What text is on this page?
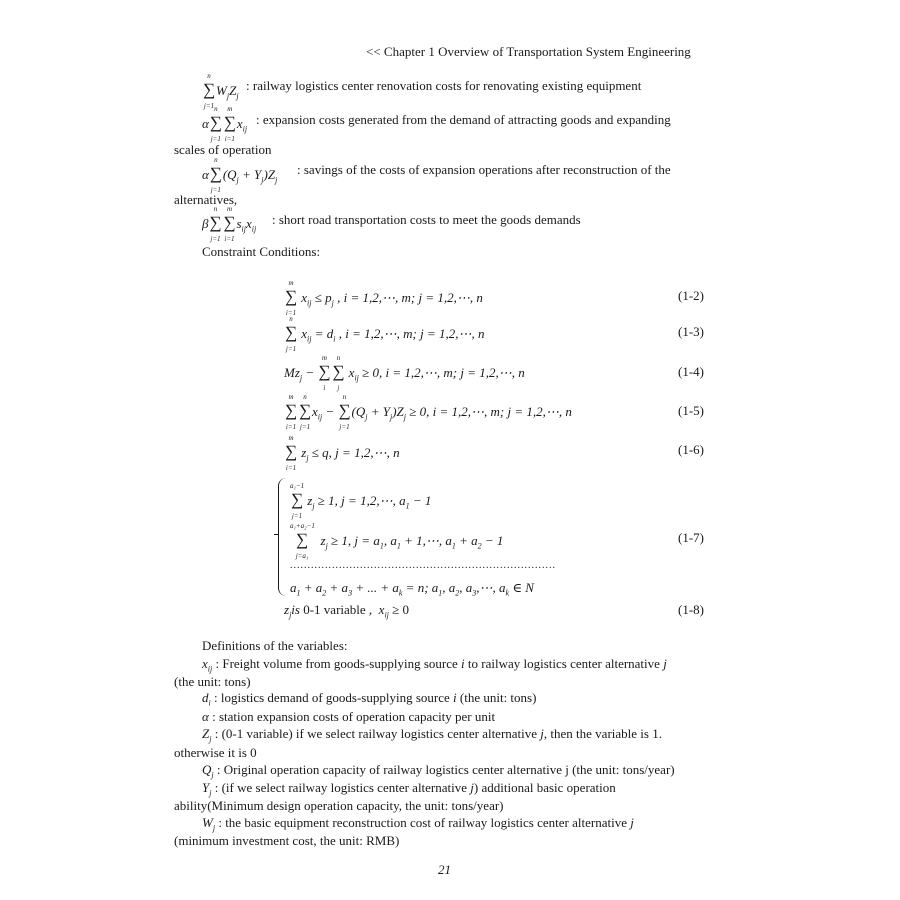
<< Chapter 1 Overview of Transportation System Engineering
∑
n
j=1
$W_jZ_j$
: railway logistics center renovation costs for renovating existing equipment
α∑
n
j=1
∑
m
i=1
$x_{ij}$
: expansion costs generated from the demand of attracting goods and expanding
scales of operation
α∑
n
j=1
$(Q_j + Y_j)Z_j$
: savings of the costs of expansion operations after reconstruction of the
alternatives,
β∑
n
j=1
∑
m
i=1
$s_{ij}x_{ij}$
: short road transportation costs to meet the goods demands
Constraint Conditions:
∑
m
i=1
$x_{ij} \le p_j$ , i = 1,2,⋯, m; j = 1,2,⋯, n	(1-2)
∑
n
j=1
$x_{ij} = d_i$ , i = 1,2,⋯, m; j = 1,2,⋯, n	(1-3)
$Mz_j$ − ∑
m
i
∑
n
j
$x_{ij} \ge 0$, i = 1,2,⋯, m; j = 1,2,⋯, n	(1-4)
∑
m
i=1
∑
n
j=1
$x_{ij}$ − ∑
n
j=1
$(Q_j + Y_j)Z_j \ge 0$, i = 1,2,⋯, m; j = 1,2,⋯, n	(1-5)
∑
m
i=1
$z_j \le q$, j = 1,2,⋯, n	(1-6)
∑
a₁−1
j=1
$z_j \ge 1$, j = 1,2,⋯, $a_1 - 1$
∑
a₁+a₂−1
j=a₁
$z_j \ge 1$, $j = a_1$, $a_1$ + 1,⋯, $a_1 + a_2 - 1$
............................................................................
$a_1 + a_2 + a_3$ + ... + $a_k = n$; $a_1$, $a_2$, $a_3,\cdots$, $a_k$ ∈ N
(1-7)
$z_jis$ 0-1 variable ,  $x_{ij} \ge 0$	(1-8)
Definitions of the variables:
$x_{ij}$ : Freight volume from goods-supplying source i to railway logistics center alternative j
(the unit: tons)
$d_i$ : logistics demand of goods-supplying source i (the unit: tons)
α : station expansion costs of operation capacity per unit
$Z_j$ : (0-1 variable) if we select railway logistics center alternative j, then the variable is 1.
otherwise it is 0
$Q_j$ : Original operation capacity of railway logistics center alternative j (the unit: tons/year)
$Y_j$ : (if we select railway logistics center alternative j) additional basic operation
ability(Minimum design operation capacity, the unit: tons/year)
$W_j$ : the basic equipment reconstruction cost of railway logistics center alternative j
(minimum investment cost, the unit: RMB)
21
